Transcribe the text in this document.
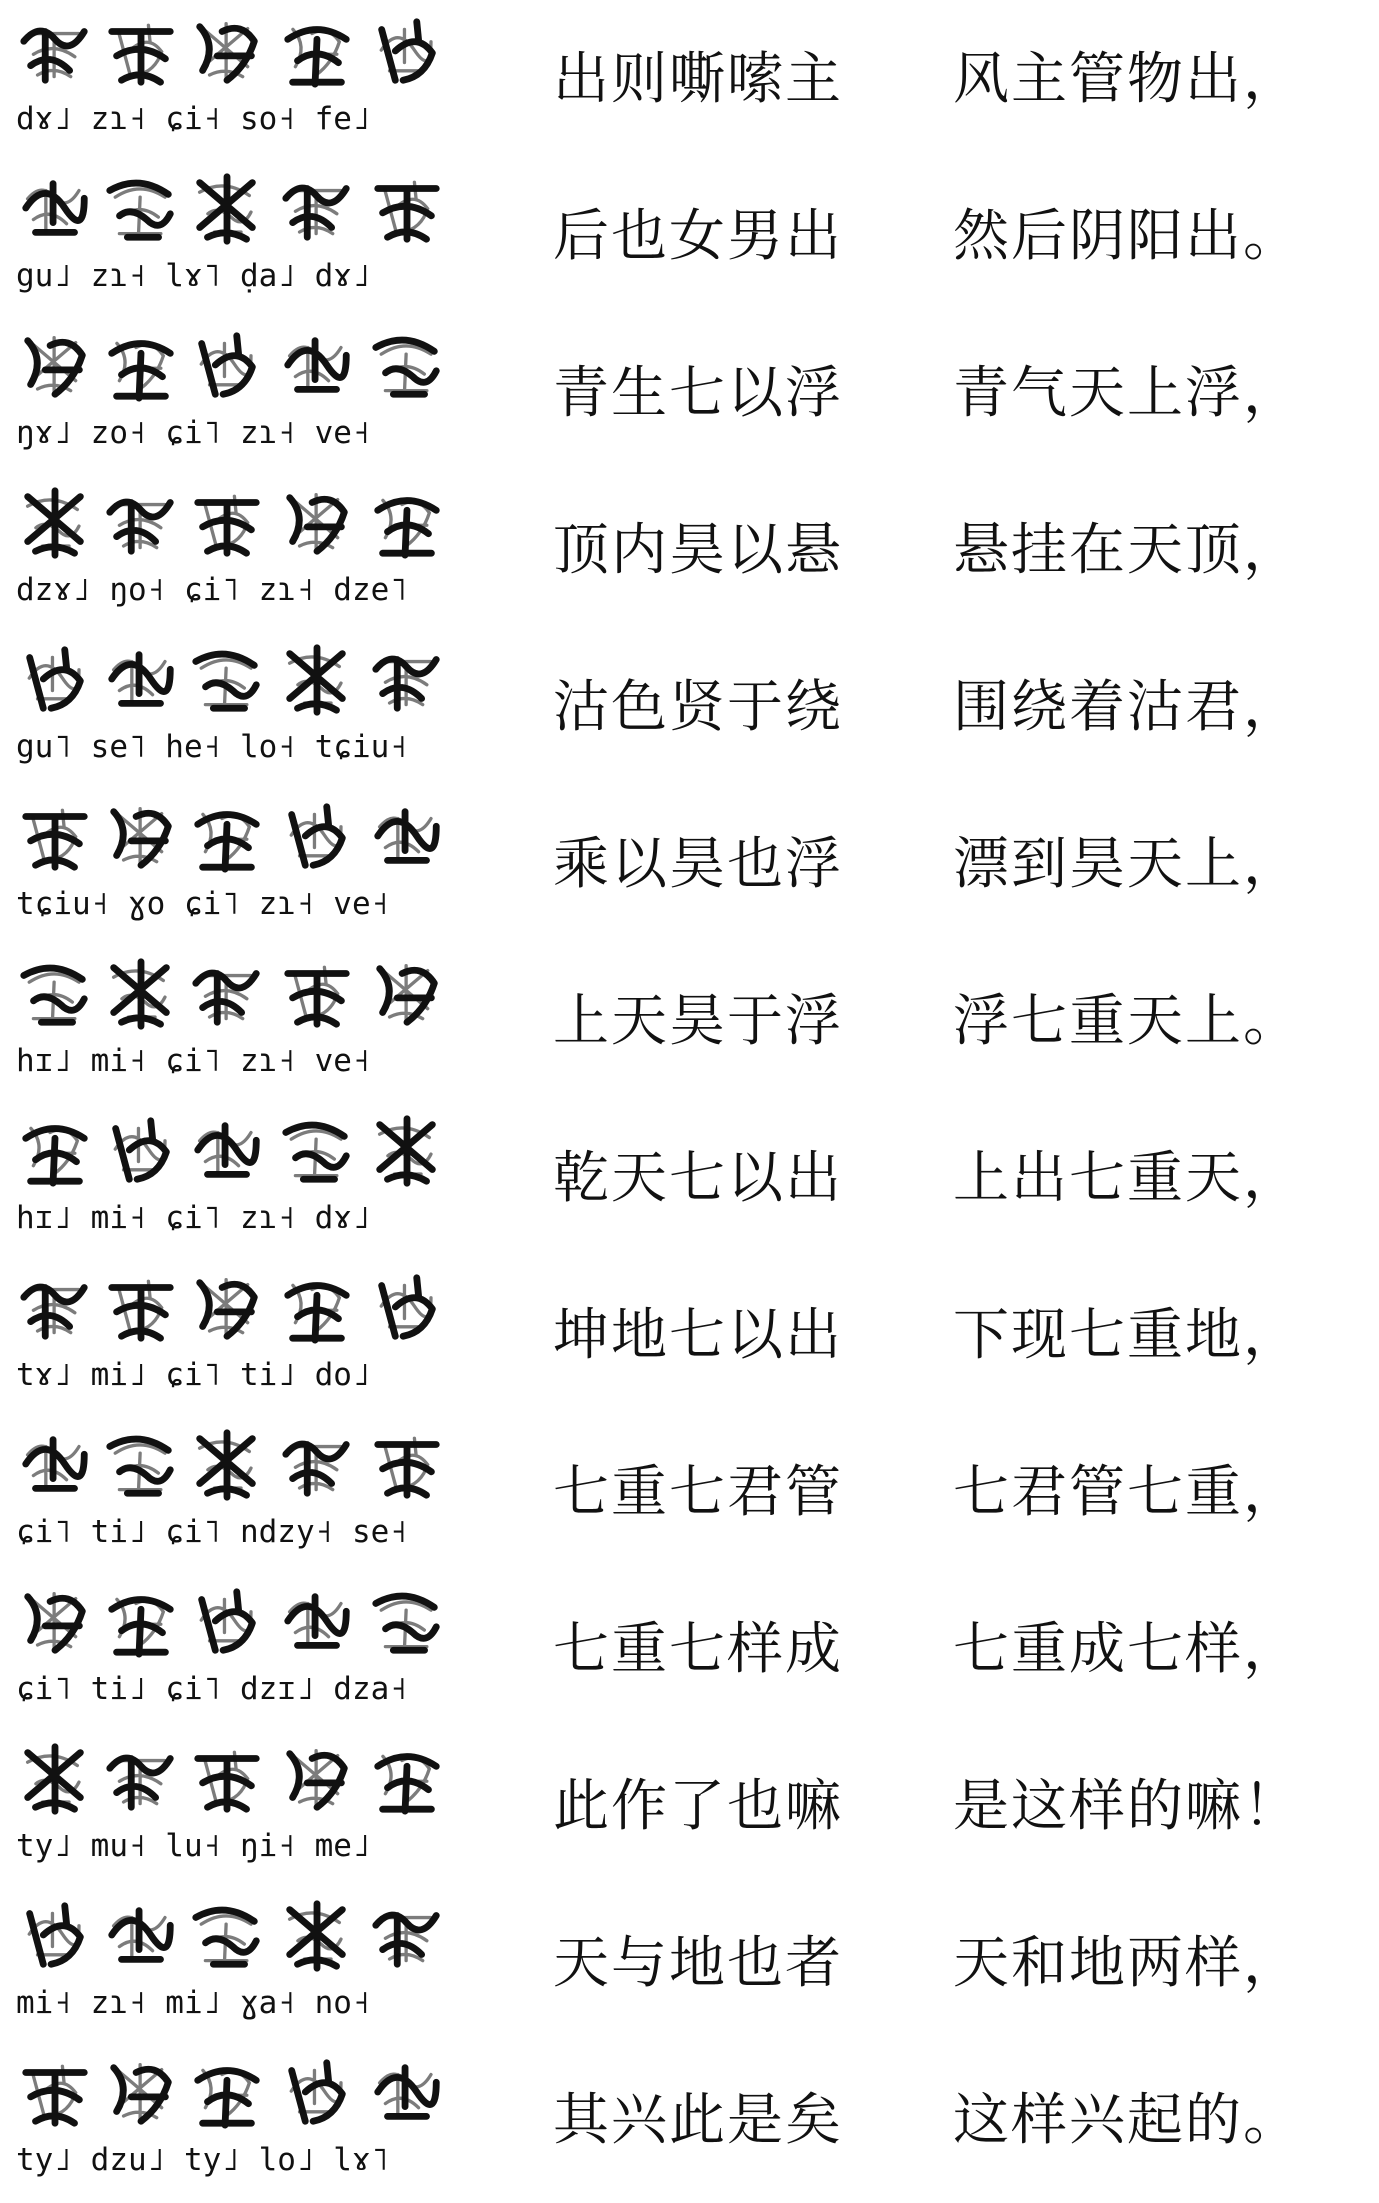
dɤ˩ zɿ˧ ɕi˧ so˧ fe˩
出则嘶嗦主 风主管物出，
gu˩ zɿ˧ lɤ˥ ḍa˩ dɤ˩
后也女男出 然后阴阳出。
ŋɤ˩ zo˧ ɕi˥ zɿ˧ ve˧
青生七以浮 青气天上浮，
dzɤ˩ ŋo˧ ɕi˥ zɿ˧ dze˥
顶内昊以悬 悬挂在天顶，
gu˥ se˥ he˧ lo˧ tɕiu˧
沽色贤于绕 围绕着沽君，
tɕiu˧ ɣo ɕi˥ zɿ˧ ve˧
乘以昊也浮 漂到昊天上，
hɪ˩ mi˧ ɕi˥ zɿ˧ ve˧
上天昊于浮 浮七重天上。
hɪ˩ mi˧ ɕi˥ zɿ˧ dɤ˩
乾天七以出 上出七重天，
tɤ˩ mi˩ ɕi˥ ti˩ do˩
坤地七以出 下现七重地，
ɕi˥ ti˩ ɕi˥ ndzy˧ se˧
七重七君管 七君管七重，
ɕi˥ ti˩ ɕi˥ dzɪ˩ dza˧
七重七样成 七重成七样，
ty˩ mu˧ lu˧ ŋi˧ me˩
此作了也嘛 是这样的嘛！
mi˧ zɿ˧ mi˩ ɣa˧ no˧
天与地也者 天和地两样，
ty˩ dzu˩ ty˩ lo˩ lɤ˥
其兴此是矣 这样兴起的。
